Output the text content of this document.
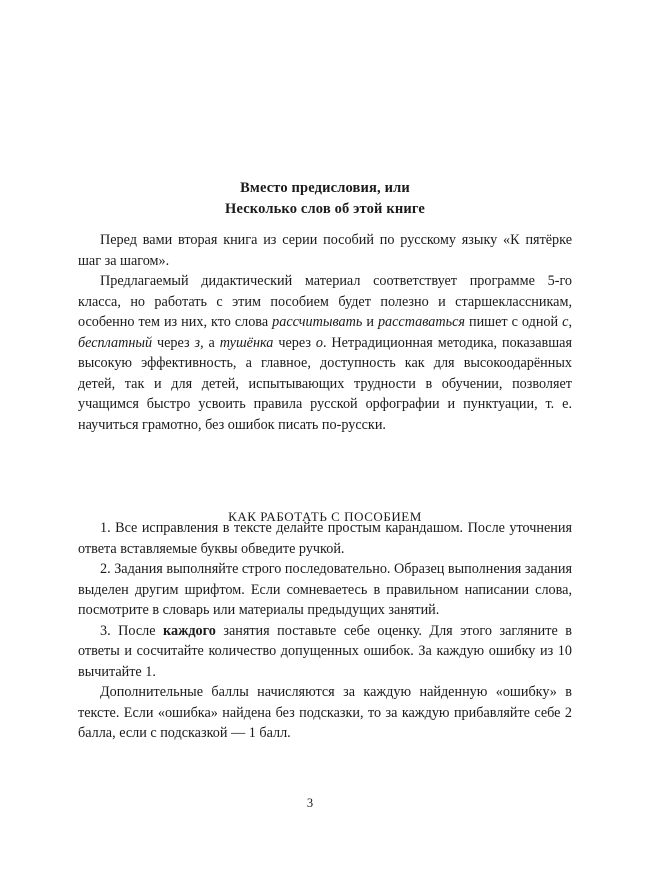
Вместо предисловия, или
Несколько слов об этой книге

Перед вами вторая книга из серии пособий по русскому языку «К пятёрке шаг за шагом».

Предлагаемый дидактический материал соответствует программе 5-го класса, но работать с этим пособием будет полезно и старшеклассникам, особенно тем из них, кто слова рассчитывать и расставаться пишет с одной с, бесплатный через з, а тушёнка через о. Нетрадиционная методика, показавшая высокую эффективность, а главное, доступность как для высокоодарённых детей, так и для детей, испытывающих трудности в обучении, позволяет учащимся быстро усвоить правила русской орфографии и пунктуации, т. е. научиться грамотно, без ошибок писать по-русски.

КАК РАБОТАТЬ С ПОСОБИЕМ

1. Все исправления в тексте делайте простым карандашом. После уточнения ответа вставляемые буквы обведите ручкой.

2. Задания выполняйте строго последовательно. Образец выполнения задания выделен другим шрифтом. Если сомневаетесь в правильном написании слова, посмотрите в словарь или материалы предыдущих занятий.

3. После каждого занятия поставьте себе оценку. Для этого загляните в ответы и сосчитайте количество допущенных ошибок. За каждую ошибку из 10 вычитайте 1.

Дополнительные баллы начисляются за каждую найденную «ошибку» в тексте. Если «ошибка» найдена без подсказки, то за каждую прибавляйте себе 2 балла, если с подсказкой — 1 балл.

3
